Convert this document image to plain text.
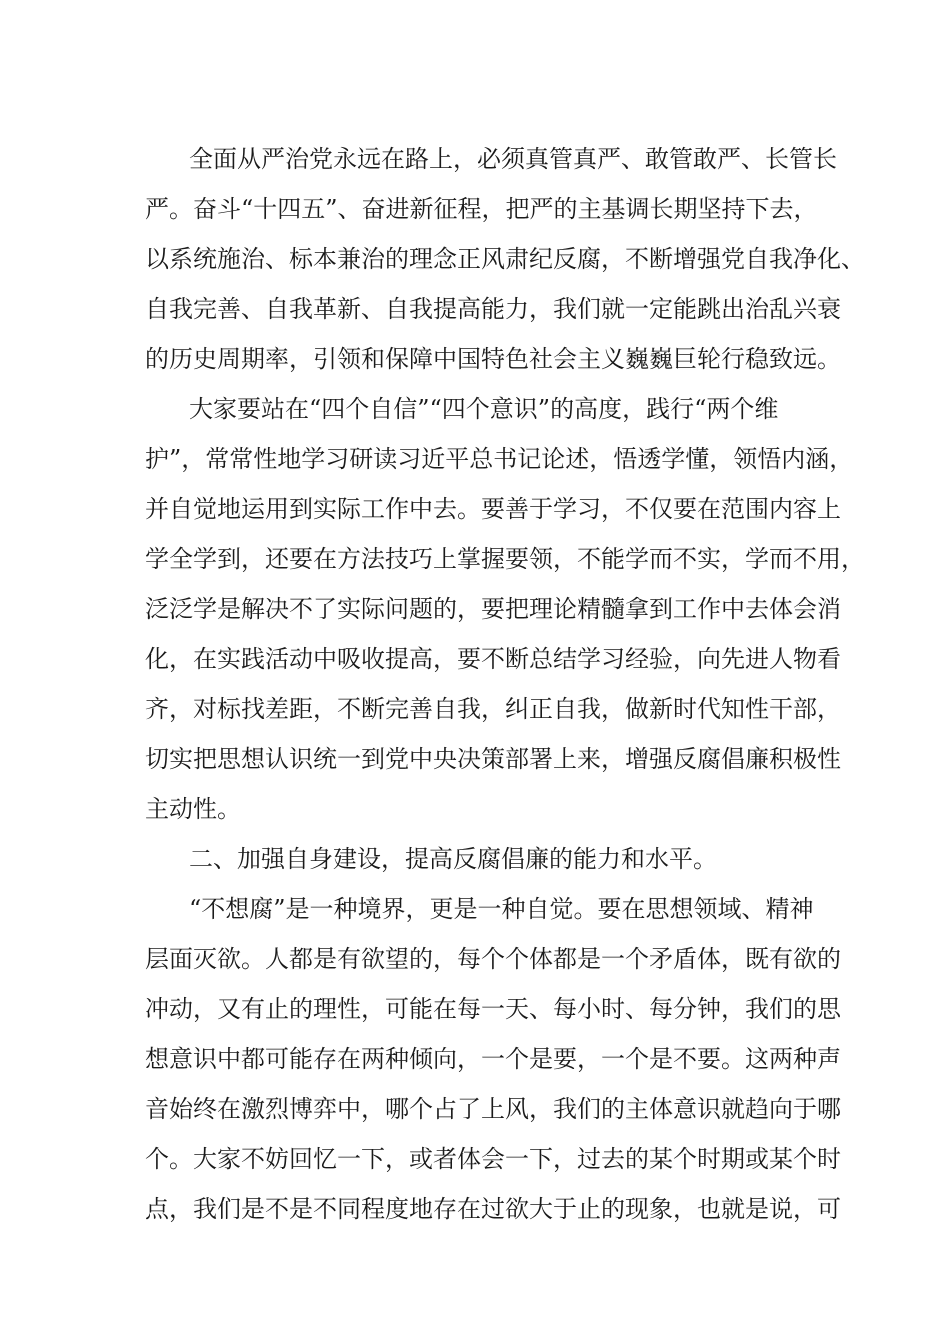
全面从严治党永远在路上，必须真管真严、敢管敢严、长管长
严。奋斗“十四五”、奋进新征程，把严的主基调长期坚持下去，
以系统施治、标本兼治的理念正风肃纪反腐，不断增强党自我净化、
自我完善、自我革新、自我提高能力，我们就一定能跳出治乱兴衰
的历史周期率，引领和保障中国特色社会主义巍巍巨轮行稳致远。
大家要站在“四个自信”“四个意识”的高度，践行“两个维
护”，常常性地学习研读习近平总书记论述，悟透学懂，领悟内涵，
并自觉地运用到实际工作中去。要善于学习，不仅要在范围内容上
学全学到，还要在方法技巧上掌握要领，不能学而不实，学而不用，
泛泛学是解决不了实际问题的，要把理论精髓拿到工作中去体会消
化，在实践活动中吸收提高，要不断总结学习经验，向先进人物看
齐，对标找差距，不断完善自我，纠正自我，做新时代知性干部，
切实把思想认识统一到党中央决策部署上来，增强反腐倡廉积极性
主动性。
二、加强自身建设，提高反腐倡廉的能力和水平。
“不想腐”是一种境界，更是一种自觉。要在思想领域、精神
层面灭欲。人都是有欲望的，每个个体都是一个矛盾体，既有欲的
冲动，又有止的理性，可能在每一天、每小时、每分钟，我们的思
想意识中都可能存在两种倾向，一个是要，一个是不要。这两种声
音始终在激烈博弈中，哪个占了上风，我们的主体意识就趋向于哪
个。大家不妨回忆一下，或者体会一下，过去的某个时期或某个时
点，我们是不是不同程度地存在过欲大于止的现象，也就是说，可
